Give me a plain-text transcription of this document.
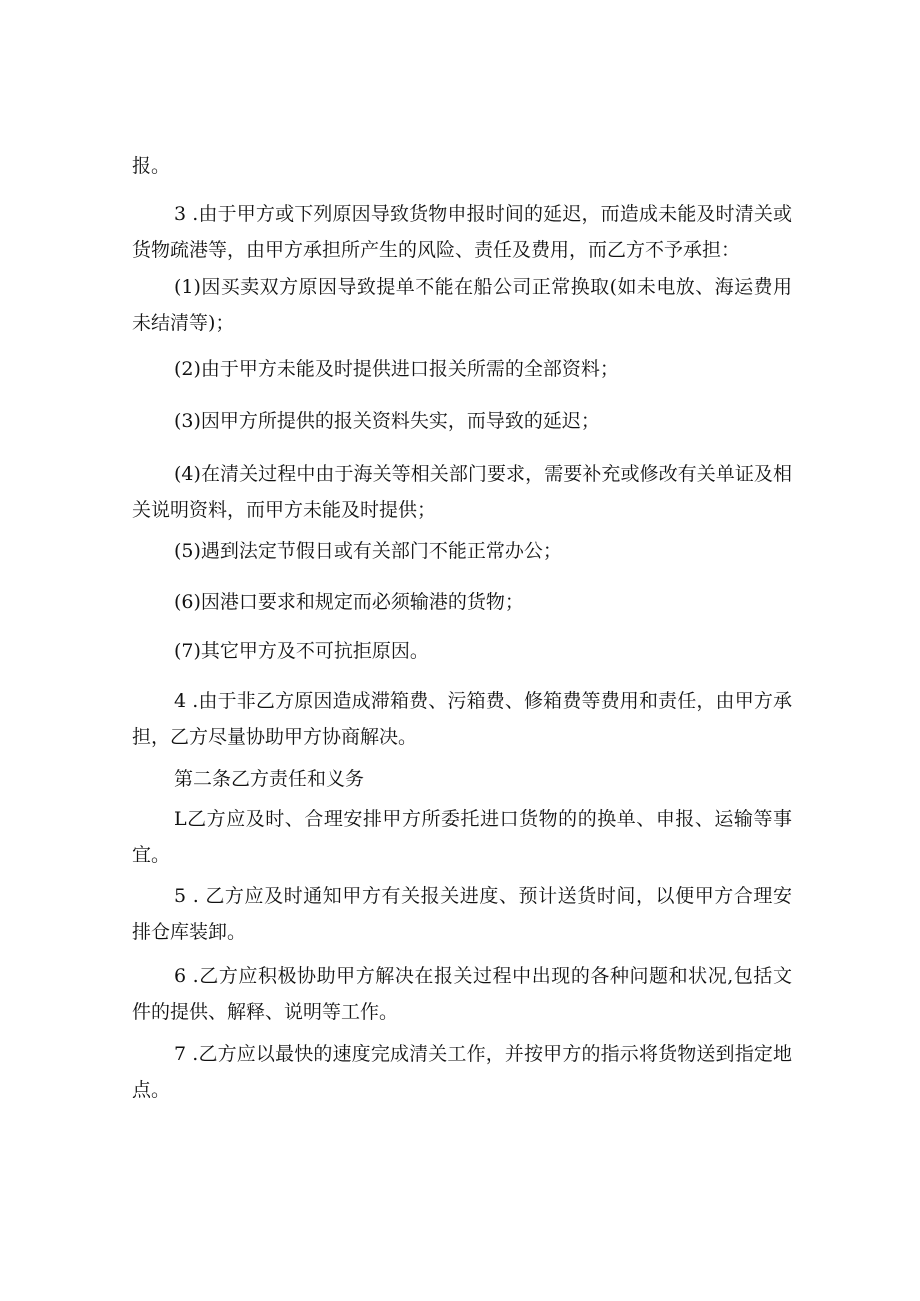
报。

3 .由于甲方或下列原因导致货物申报时间的延迟，而造成未能及时清关或货物疏港等，由甲方承担所产生的风险、责任及费用，而乙方不予承担：

(1)因买卖双方原因导致提单不能在船公司正常换取(如未电放、海运费用未结清等)；

(2)由于甲方未能及时提供进口报关所需的全部资料；

(3)因甲方所提供的报关资料失实，而导致的延迟；

(4)在清关过程中由于海关等相关部门要求，需要补充或修改有关单证及相关说明资料，而甲方未能及时提供；

(5)遇到法定节假日或有关部门不能正常办公；

(6)因港口要求和规定而必须输港的货物；

(7)其它甲方及不可抗拒原因。

4 .由于非乙方原因造成滞箱费、污箱费、修箱费等费用和责任，由甲方承担，乙方尽量协助甲方协商解决。

第二条乙方责任和义务

L乙方应及时、合理安排甲方所委托进口货物的的换单、申报、运输等事宜。

5 . 乙方应及时通知甲方有关报关进度、预计送货时间，以便甲方合理安排仓库装卸。

6 .乙方应积极协助甲方解决在报关过程中出现的各种问题和状况,包括文件的提供、解释、说明等工作。

7 .乙方应以最快的速度完成清关工作，并按甲方的指示将货物送到指定地点。
